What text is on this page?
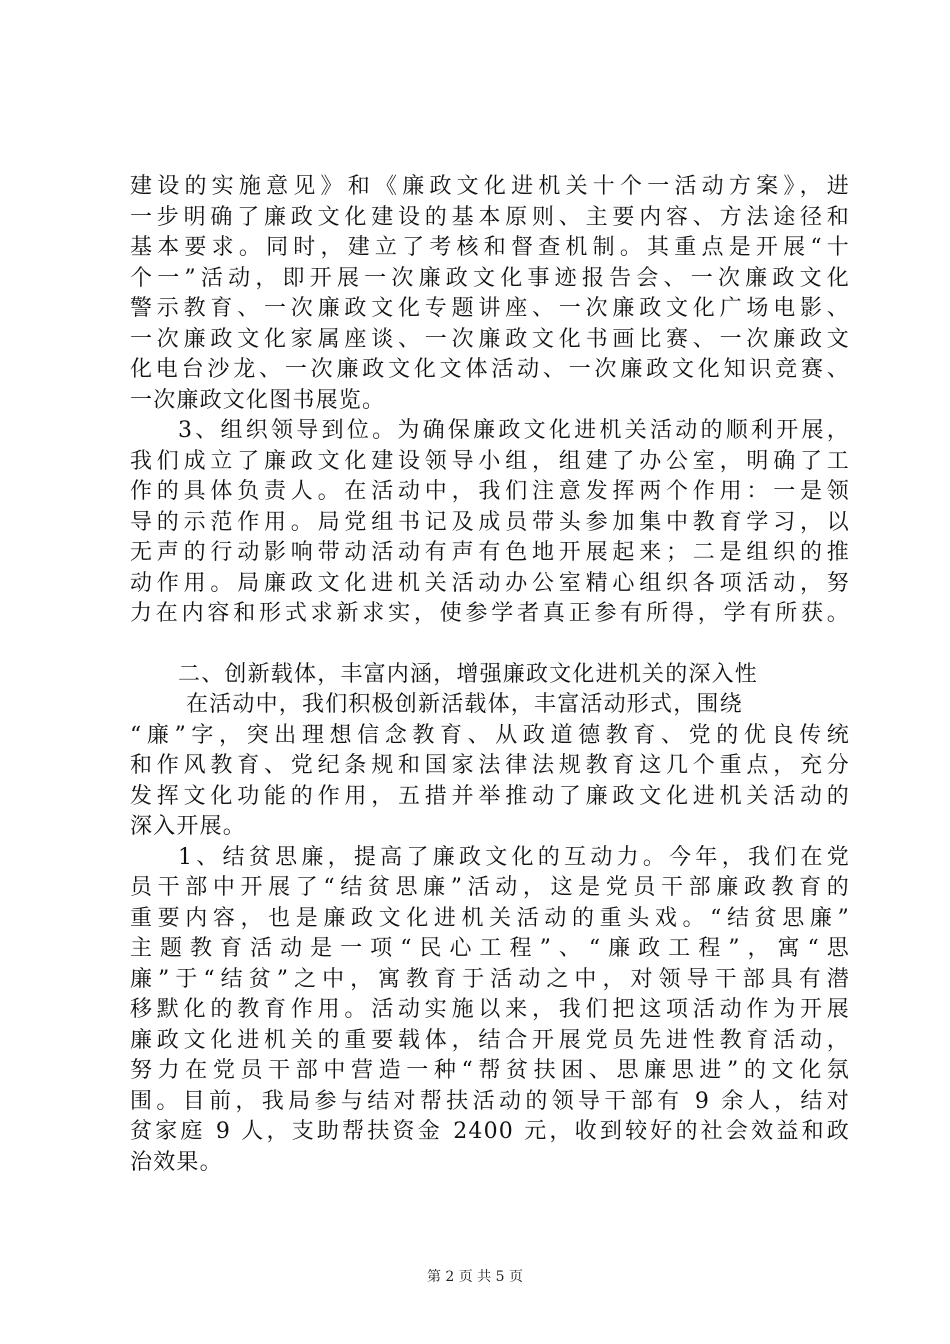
建设的实施意见》和《廉政文化进机关十个一活动方案》，进
一步明确了廉政文化建设的基本原则、主要内容、方法途径和
基本要求。同时，建立了考核和督查机制。其重点是开展“十
个一”活动，即开展一次廉政文化事迹报告会、一次廉政文化
警示教育、一次廉政文化专题讲座、一次廉政文化广场电影、
一次廉政文化家属座谈、一次廉政文化书画比赛、一次廉政文
化电台沙龙、一次廉政文化文体活动、一次廉政文化知识竞赛、
一次廉政文化图书展览。
3、组织领导到位。为确保廉政文化进机关活动的顺利开展，
我们成立了廉政文化建设领导小组，组建了办公室，明确了工
作的具体负责人。在活动中，我们注意发挥两个作用：一是领
导的示范作用。局党组书记及成员带头参加集中教育学习，以
无声的行动影响带动活动有声有色地开展起来；二是组织的推
动作用。局廉政文化进机关活动办公室精心组织各项活动，努
力在内容和形式求新求实，使参学者真正参有所得，学有所获。
二、创新载体，丰富内涵，增强廉政文化进机关的深入性
在活动中，我们积极创新活载体，丰富活动形式，围绕
“廉”字，突出理想信念教育、从政道德教育、党的优良传统
和作风教育、党纪条规和国家法律法规教育这几个重点，充分
发挥文化功能的作用，五措并举推动了廉政文化进机关活动的
深入开展。
1、结贫思廉，提高了廉政文化的互动力。今年，我们在党
员干部中开展了“结贫思廉”活动，这是党员干部廉政教育的
重要内容，也是廉政文化进机关活动的重头戏。“结贫思廉”
主题教育活动是一项“民心工程”、“廉政工程”，寓“思
廉”于“结贫”之中，寓教育于活动之中，对领导干部具有潜
移默化的教育作用。活动实施以来，我们把这项活动作为开展
廉政文化进机关的重要载体，结合开展党员先进性教育活动，
努力在党员干部中营造一种“帮贫扶困、思廉思进”的文化氛
围。目前，我局参与结对帮扶活动的领导干部有 9 余人，结对
贫家庭 9 人，支助帮扶资金 2400 元，收到较好的社会效益和政
治效果。
第 2 页 共 5 页
